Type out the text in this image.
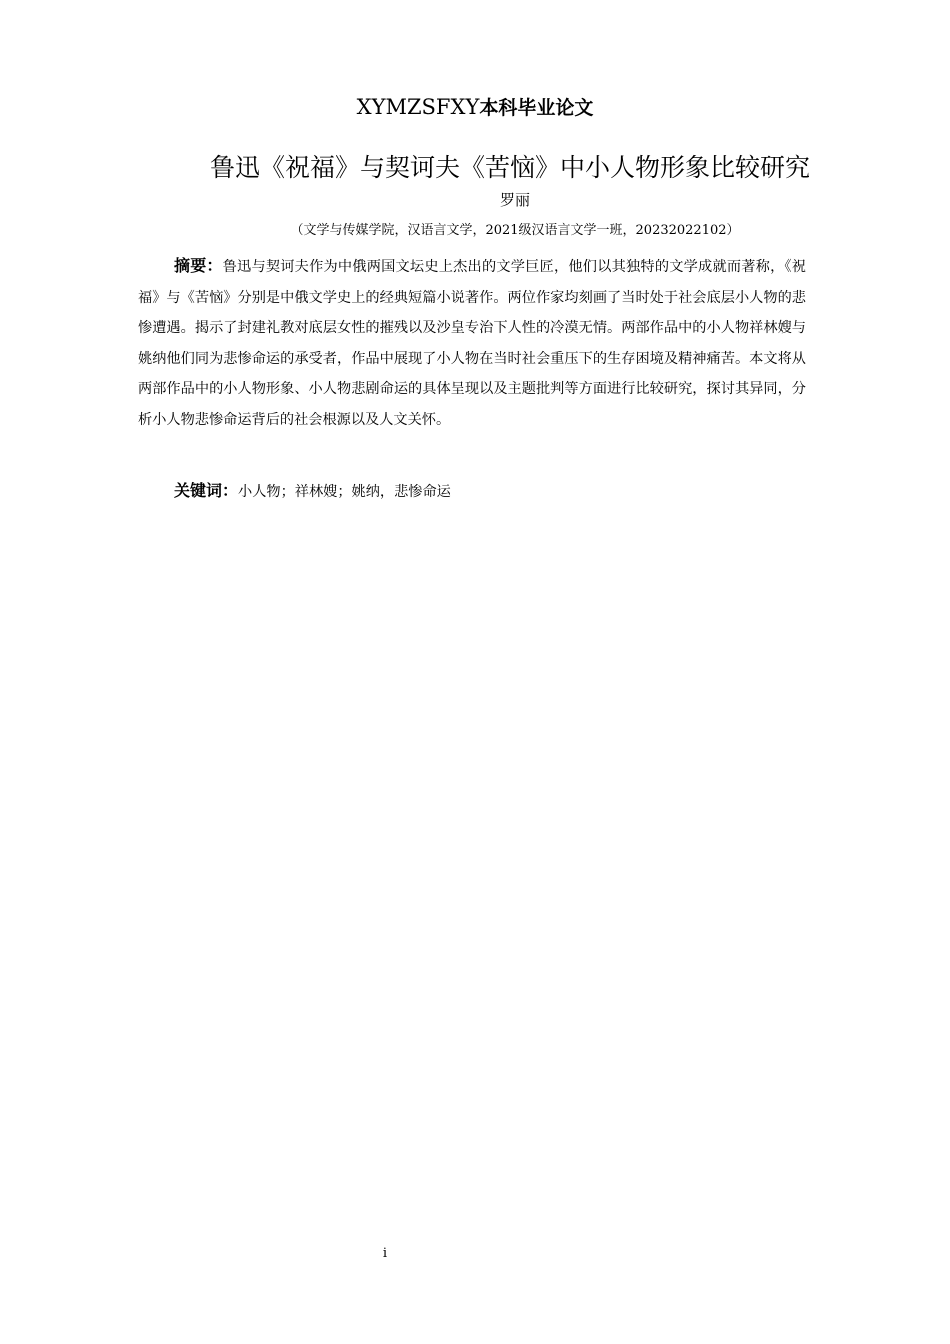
XYMZSFXY本科毕业论文
鲁迅《祝福》与契诃夫《苦恼》中小人物形象比较研究
罗丽
（文学与传媒学院，汉语言文学，2021级汉语言文学一班，20232022102）
摘要：鲁迅与契诃夫作为中俄两国文坛史上杰出的文学巨匠，他们以其独特的文学成就而著称，《祝福》与《苦恼》分别是中俄文学史上的经典短篇小说著作。两位作家均刻画了当时处于社会底层小人物的悲惨遭遇。揭示了封建礼教对底层女性的摧残以及沙皇专治下人性的冷漠无情。两部作品中的小人物祥林嫂与姚纳他们同为悲惨命运的承受者，作品中展现了小人物在当时社会重压下的生存困境及精神痛苦。本文将从两部作品中的小人物形象、小人物悲剧命运的具体呈现以及主题批判等方面进行比较研究，探讨其异同，分析小人物悲惨命运背后的社会根源以及人文关怀。
关键词：小人物；祥林嫂；姚纳，悲惨命运
i
